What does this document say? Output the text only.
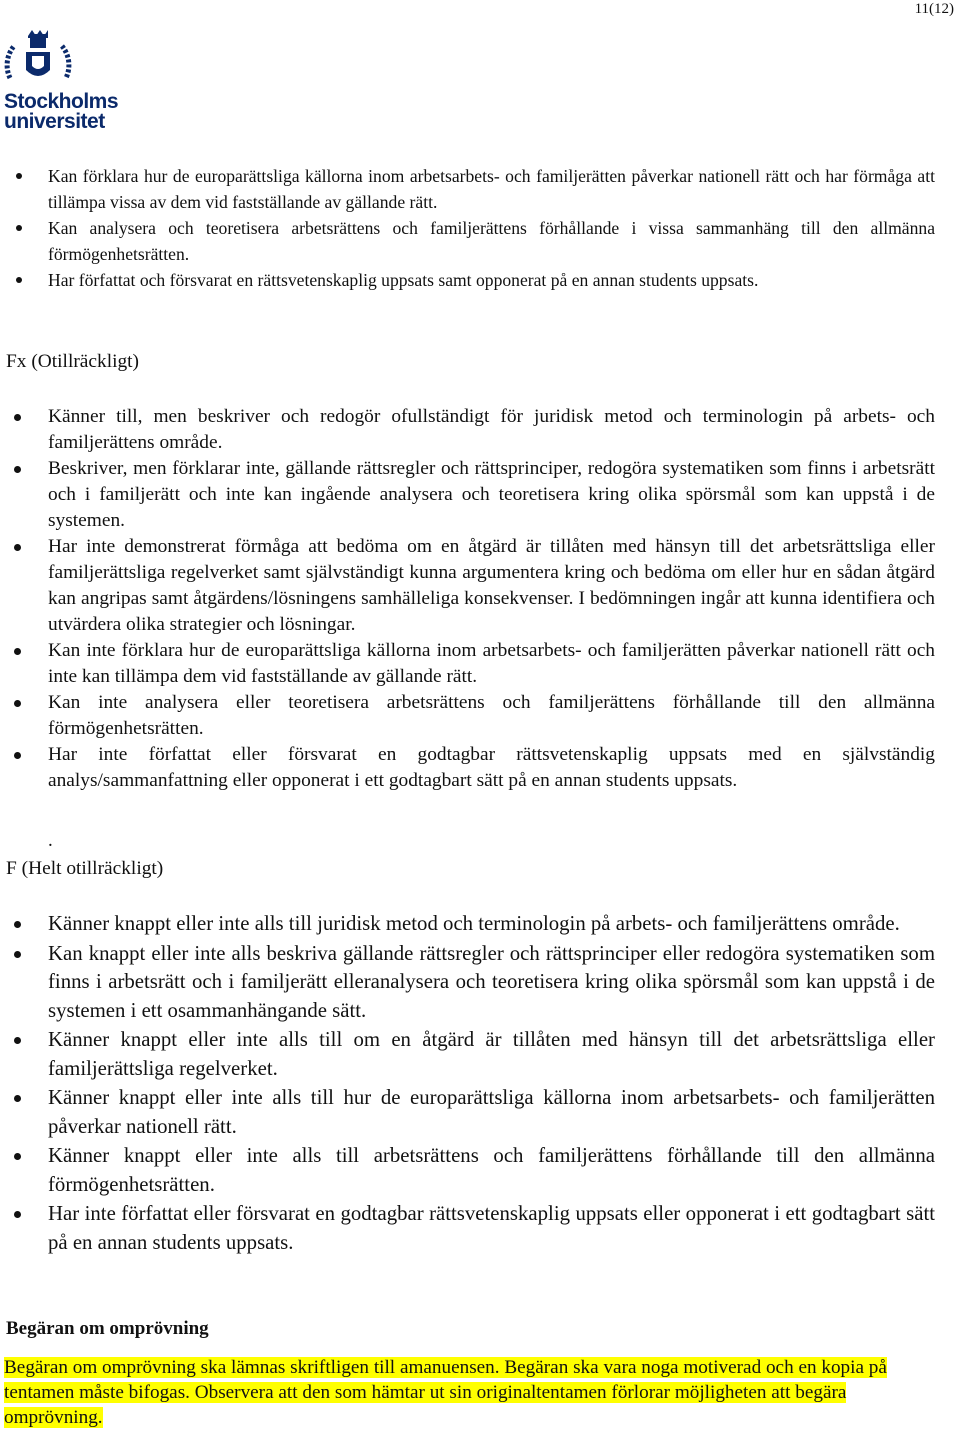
11(12)
Stockholms
universitet
Kan förklara hur de europarättsliga källorna inom arbetsarbets- och familjerätten påverkar nationell rätt och har förmåga att tillämpa vissa av dem vid fastställande av gällande rätt.
Kan analysera och teoretisera arbetsrättens och familjerättens förhållande i vissa sammanhäng till den allmänna förmögenhetsrätten.
Har författat och försvarat en rättsvetenskaplig uppsats samt opponerat på en annan students uppsats.
Fx (Otillräckligt)
Känner till, men beskriver och redogör ofullständigt för juridisk metod och terminologin på arbets- och familjerättens område.
Beskriver, men förklarar inte, gällande rättsregler och rättsprinciper, redogöra systematiken som finns i arbetsrätt och i familjerätt och inte kan ingående analysera och teoretisera kring olika spörsmål som kan uppstå i de systemen.
Har inte demonstrerat förmåga att bedöma om en åtgärd är tillåten med hänsyn till det arbetsrättsliga eller familjerättsliga regelverket samt självständigt kunna argumentera kring och bedöma om eller hur en sådan åtgärd kan angripas samt åtgärdens/lösningens samhälleliga konsekvenser. I bedömningen ingår att kunna identifiera och utvärdera olika strategier och lösningar.
Kan inte förklara hur de europarättsliga källorna inom arbetsarbets- och familjerätten påverkar nationell rätt och inte kan tillämpa dem vid fastställande av gällande rätt.
Kan inte analysera eller teoretisera arbetsrättens och familjerättens förhållande till den allmänna förmögenhetsrätten.
Har inte författat eller försvarat en godtagbar rättsvetenskaplig uppsats med en självständig analys/sammanfattning eller opponerat i ett godtagbart sätt på en annan students uppsats.
.
F (Helt otillräckligt)
Känner knappt eller inte alls till juridisk metod och terminologin på arbets- och familjerättens område.
Kan knappt eller inte alls beskriva gällande rättsregler och rättsprinciper eller redogöra systematiken som finns i arbetsrätt och i familjerätt elleranalysera och teoretisera kring olika spörsmål som kan uppstå i de systemen i ett osammanhängande sätt.
Känner knappt eller inte alls till om en åtgärd är tillåten med hänsyn till det arbetsrättsliga eller familjerättsliga regelverket.
Känner knappt eller inte alls till hur de europarättsliga källorna inom arbetsarbets- och familjerätten påverkar nationell rätt.
Känner knappt eller inte alls till arbetsrättens och familjerättens förhållande till den allmänna förmögenhetsrätten.
Har inte författat eller försvarat en godtagbar rättsvetenskaplig uppsats eller opponerat i ett godtagbart sätt på en annan students uppsats.
Begäran om omprövning
Begäran om omprövning ska lämnas skriftligen till amanuensen. Begäran ska vara noga motiverad och en kopia på tentamen måste bifogas. Observera att den som hämtar ut sin originaltentamen förlorar möjligheten att begära omprövning.
